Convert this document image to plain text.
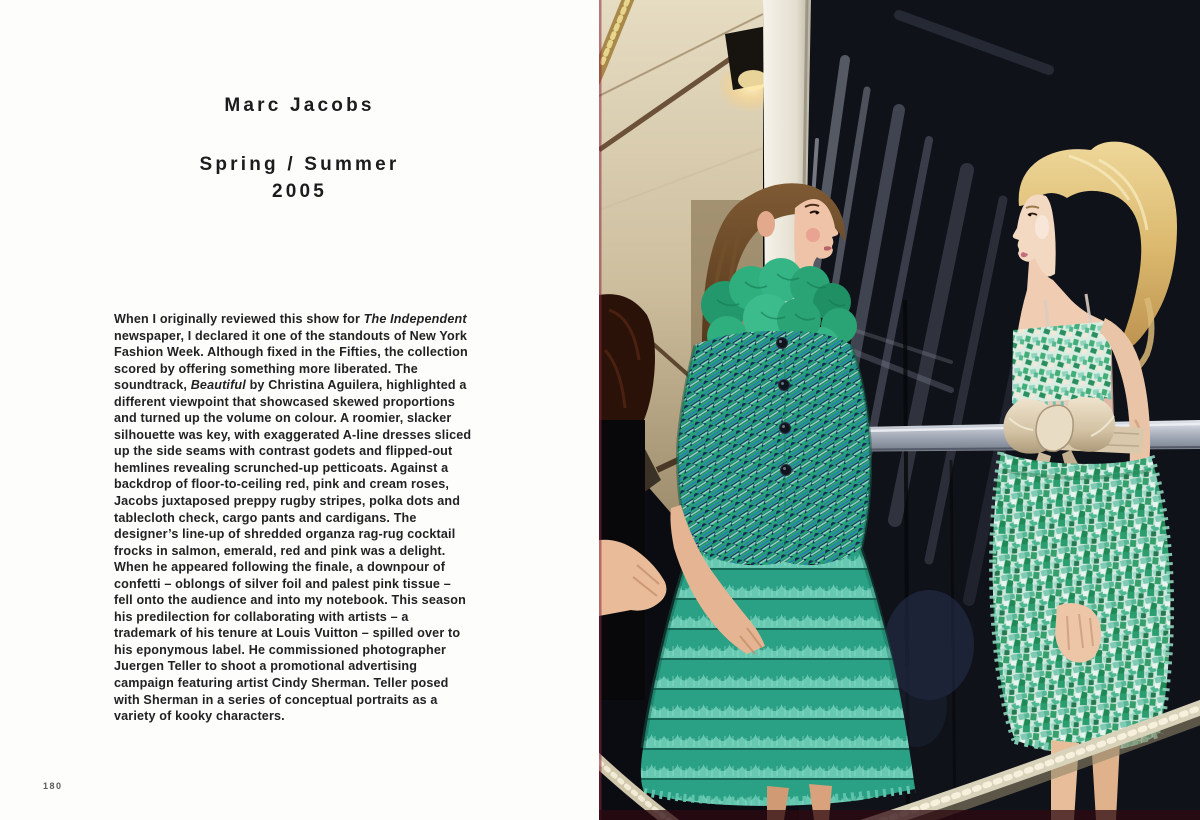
Marc Jacobs
Spring / Summer
2005

When I originally reviewed this show for The Independent newspaper, I declared it one of the standouts of New York Fashion Week. Although fixed in the Fifties, the collection scored by offering something more liberated. The soundtrack, Beautiful by Christina Aguilera, highlighted a different viewpoint that showcased skewed proportions and turned up the volume on colour. A roomier, slacker silhouette was key, with exaggerated A-line dresses sliced up the side seams with contrast godets and flipped-out hemlines revealing scrunched-up petticoats. Against a backdrop of floor-to-ceiling red, pink and cream roses, Jacobs juxtaposed preppy rugby stripes, polka dots and tablecloth check, cargo pants and cardigans. The designer’s line-up of shredded organza rag-rug cocktail frocks in salmon, emerald, red and pink was a delight. When he appeared following the finale, a downpour of confetti – oblongs of silver foil and palest pink tissue – fell onto the audience and into my notebook. This season his predilection for collaborating with artists – a trademark of his tenure at Louis Vuitton – spilled over to his eponymous label. He commissioned photographer Juergen Teller to shoot a promotional advertising campaign featuring artist Cindy Sherman. Teller posed with Sherman in a series of conceptual portraits as a variety of kooky characters.

180
